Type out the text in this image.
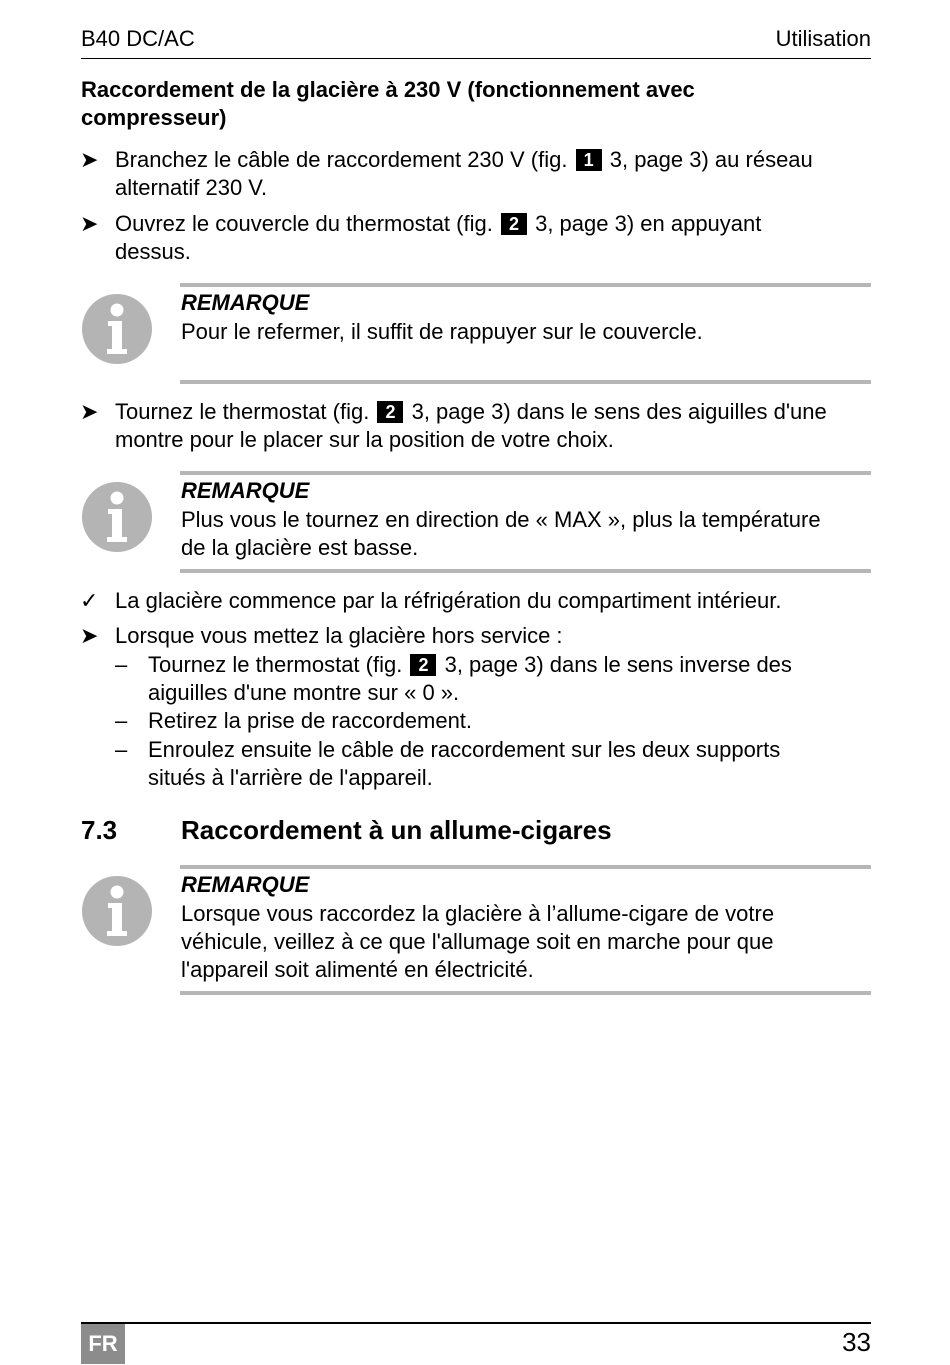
B40 DC/AC	Utilisation
Raccordement de la glacière à 230 V (fonctionnement avec
compresseur)
➤ Branchez le câble de raccordement 230 V (fig. 1 3, page 3) au réseau
alternatif 230 V.
➤ Ouvrez le couvercle du thermostat (fig. 2 3, page 3) en appuyant
dessus.
REMARQUE
Pour le refermer, il suffit de rappuyer sur le couvercle.
➤ Tournez le thermostat (fig. 2 3, page 3) dans le sens des aiguilles d'une
montre pour le placer sur la position de votre choix.
REMARQUE
Plus vous le tournez en direction de « MAX », plus la température
de la glacière est basse.
✓ La glacière commence par la réfrigération du compartiment intérieur.
➤ Lorsque vous mettez la glacière hors service :
– Tournez le thermostat (fig. 2 3, page 3) dans le sens inverse des
aiguilles d'une montre sur « 0 ».
– Retirez la prise de raccordement.
– Enroulez ensuite le câble de raccordement sur les deux supports
situés à l'arrière de l'appareil.
7.3 Raccordement à un allume-cigares
REMARQUE
Lorsque vous raccordez la glacière à l’allume-cigare de votre
véhicule, veillez à ce que l'allumage soit en marche pour que
l'appareil soit alimenté en électricité.
FR	33
